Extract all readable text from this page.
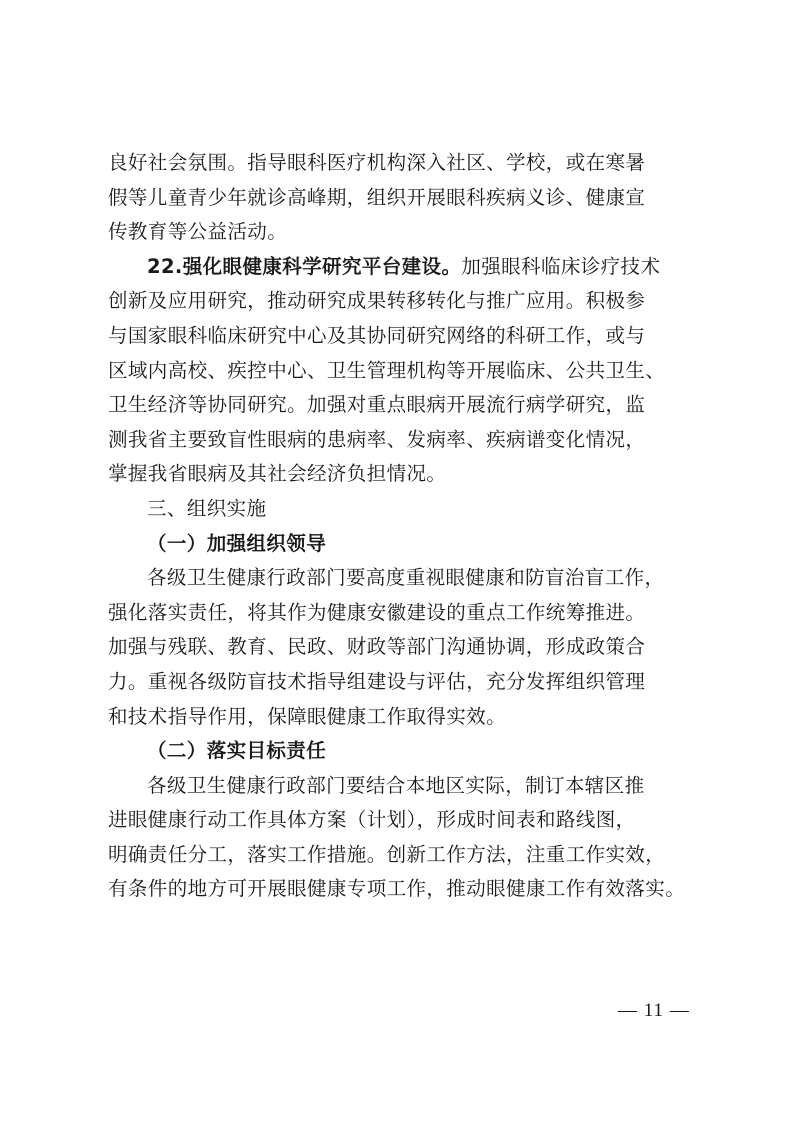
良好社会氛围。指导眼科医疗机构深入社区、学校，或在寒暑
假等儿童青少年就诊高峰期，组织开展眼科疾病义诊、健康宣
传教育等公益活动。
22.强化眼健康科学研究平台建设。加强眼科临床诊疗技术
创新及应用研究，推动研究成果转移转化与推广应用。积极参
与国家眼科临床研究中心及其协同研究网络的科研工作，或与
区域内高校、疾控中心、卫生管理机构等开展临床、公共卫生、
卫生经济等协同研究。加强对重点眼病开展流行病学研究，监
测我省主要致盲性眼病的患病率、发病率、疾病谱变化情况，
掌握我省眼病及其社会经济负担情况。
三、组织实施
（一）加强组织领导
各级卫生健康行政部门要高度重视眼健康和防盲治盲工作，
强化落实责任，将其作为健康安徽建设的重点工作统筹推进。
加强与残联、教育、民政、财政等部门沟通协调，形成政策合
力。重视各级防盲技术指导组建设与评估，充分发挥组织管理
和技术指导作用，保障眼健康工作取得实效。
（二）落实目标责任
各级卫生健康行政部门要结合本地区实际，制订本辖区推
进眼健康行动工作具体方案（计划），形成时间表和路线图，
明确责任分工，落实工作措施。创新工作方法，注重工作实效，
有条件的地方可开展眼健康专项工作，推动眼健康工作有效落实。
— 11 —
